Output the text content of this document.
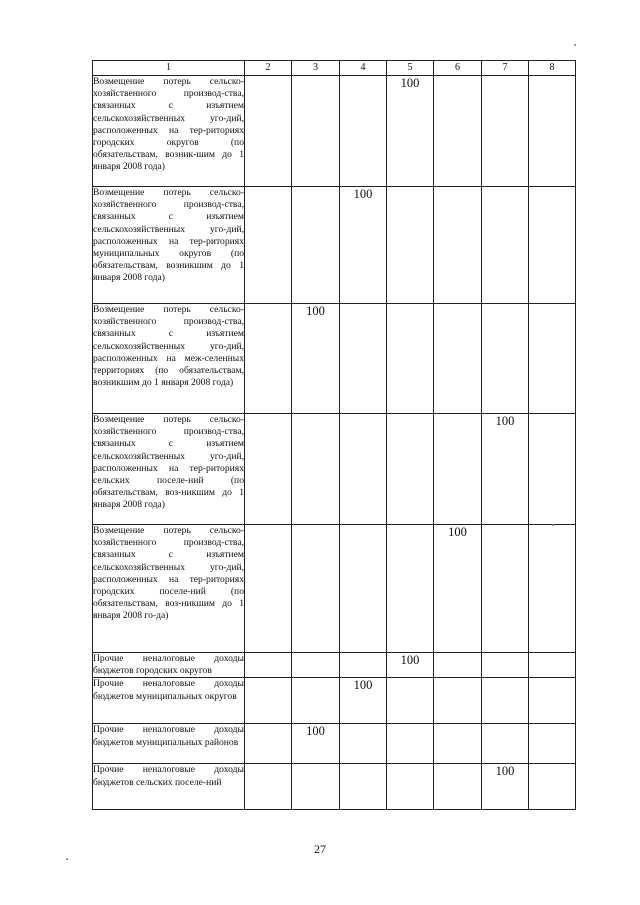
1	2	3	4	5	6	7	8
Возмещение потерь сельско-хозяйственного производ-ства, связанных с изъятием сельскохозяйственных уго-дий, расположенных на тер-риториях городских округов (по обязательствам, возник-шим до 1 января 2008 года)				100			
Возмещение потерь сельско-хозяйственного производ-ства, связанных с изъятием сельскохозяйственных уго-дий, расположенных на тер-риториях муниципальных округов (по обязательствам, возникшим до 1 января 2008 года)			100				
Возмещение потерь сельско-хозяйственного производ-ства, связанных с изъятием сельскохозяйственных уго-дий, расположенных на меж-селенных территориях (по обязательствам, возникшим до 1 января 2008 года)		100					
Возмещение потерь сельско-хозяйственного производ-ства, связанных с изъятием сельскохозяйственных уго-дий, расположенных на тер-риториях сельских поселе-ний (по обязательствам, воз-никшим до 1 января 2008 года)						100	
Возмещение потерь сельско-хозяйственного производ-ства, связанных с изъятием сельскохозяйственных уго-дий, расположенных на тер-риториях городских поселе-ний (по обязательствам, воз-никшим до 1 января 2008 го-да)					100		
Прочие неналоговые доходы бюджетов городских округов				100			
Прочие неналоговые доходы бюджетов муниципальных округов			100				
Прочие неналоговые доходы бюджетов муниципальных районов		100					
Прочие неналоговые доходы бюджетов сельских поселе-ний						100	
27
